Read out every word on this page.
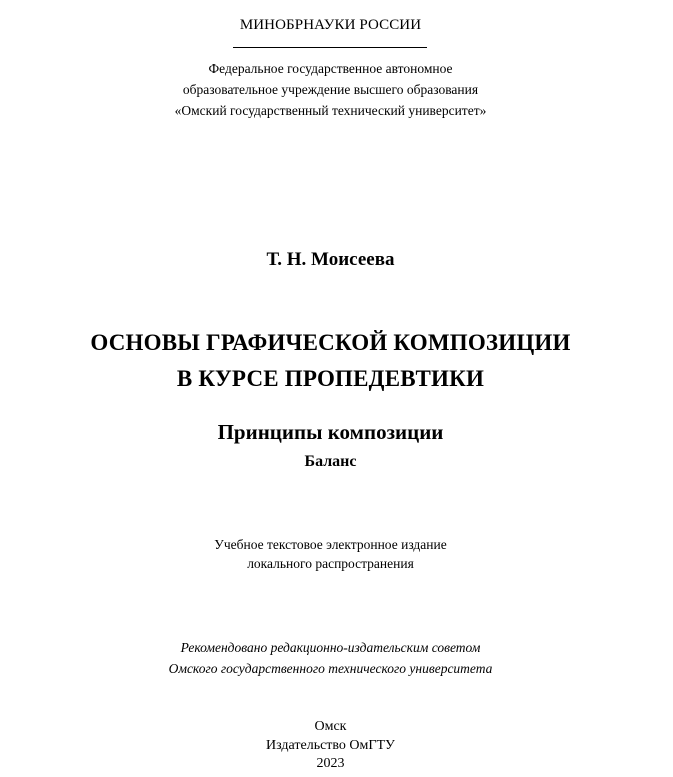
МИНОБРНАУКИ РОССИИ
Федеральное государственное автономное
образовательное учреждение высшего образования
«Омский государственный технический университет»
Т. Н. Моисеева
ОСНОВЫ ГРАФИЧЕСКОЙ КОМПОЗИЦИИ
В КУРСЕ ПРОПЕДЕВТИКИ
Принципы композиции
Баланс
Учебное текстовое электронное издание
локального распространения
Рекомендовано редакционно-издательским советом
Омского государственного технического университета
Омск
Издательство ОмГТУ
2023
